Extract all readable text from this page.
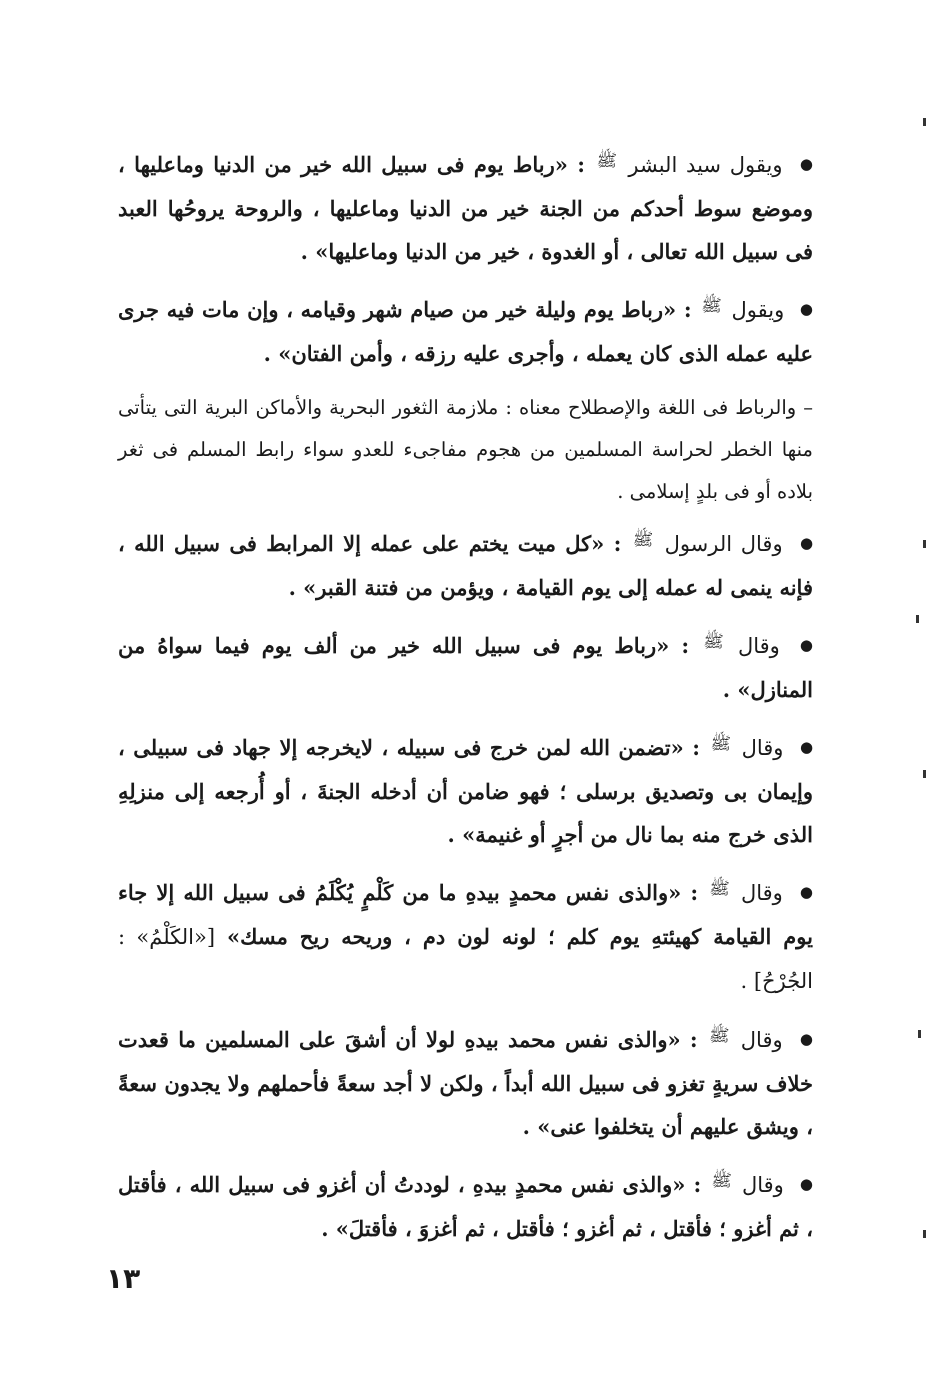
● ويقول سيد البشر $^ﷺ$ : «رباط يوم فى سبيل الله خير من الدنيا وماعليها ، وموضع سوط أحدكم من الجنة خير من الدنيا وماعليها ، والروحة يروحُها العبد فى سبيل الله تعالى ، أو الغدوة ، خير من الدنيا وماعليها» .

● ويقول $^ﷺ$ : «رباط يوم وليلة خير من صيام شهر وقيامه ، وإن مات فيه جرى عليه عمله الذى كان يعمله ، وأجرى عليه رزقه ، وأمن الفتان» .

– والرباط فى اللغة والإصطلاح معناه : ملازمة الثغور البحرية والأماكن البرية التى يتأتى منها الخطر لحراسة المسلمين من هجوم مفاجىء للعدو سواء رابط المسلم فى ثغر بلاده أو فى بلدٍ إسلامى .

● وقال الرسول $^ﷺ$ : «كل ميت يختم على عمله إلا المرابط فى سبيل الله ، فإنه ينمى له عمله إلى يوم القيامة ، ويؤمن من فتنة القبر» .

● وقال $^ﷺ$ : «رباط يوم فى سبيل الله خير من ألف يوم فيما سواهُ من المنازل» .

● وقال $^ﷺ$ : «تضمن الله لمن خرج فى سبيله ، لايخرجه إلا جهاد فى سبيلى ، وإيمان بى وتصديق برسلى ؛ فهو ضامن أن أدخله الجنةَ ، أو أُرجعه إلى منزلِهِ الذى خرج منه بما نال من أجرٍ أو غنيمة» .

● وقال $^ﷺ$ : «والذى نفس محمدٍ بيدهِ ما من كَلْمٍ يُكْلَمُ فى سبيل الله إلا جاء يوم القيامة كهيئتهِ يوم كلم ؛ لونه لون دم ، وريحه ريح مسك» [«الكَلْمُ» : الجُرْحُ] .

● وقال $^ﷺ$ : «والذى نفس محمد بيدهِ لولا أن أشقَ على المسلمين ما قعدت خلاف سريةٍ تغزو فى سبيل الله أبداً ، ولكن لا أجد سعةً فأحملهم ولا يجدون سعةً ، ويشق عليهم أن يتخلفوا عنى» .

● وقال $^ﷺ$ : «والذى نفس محمدٍ بيدهِ ، لوددتُ أن أغزو فى سبيل الله ، فأقتل ، ثم أغزو ؛ فأقتل ، ثم أغزو ؛ فأقتل ، ثم أغزوَ ، فأقتلَ» .

١٣
